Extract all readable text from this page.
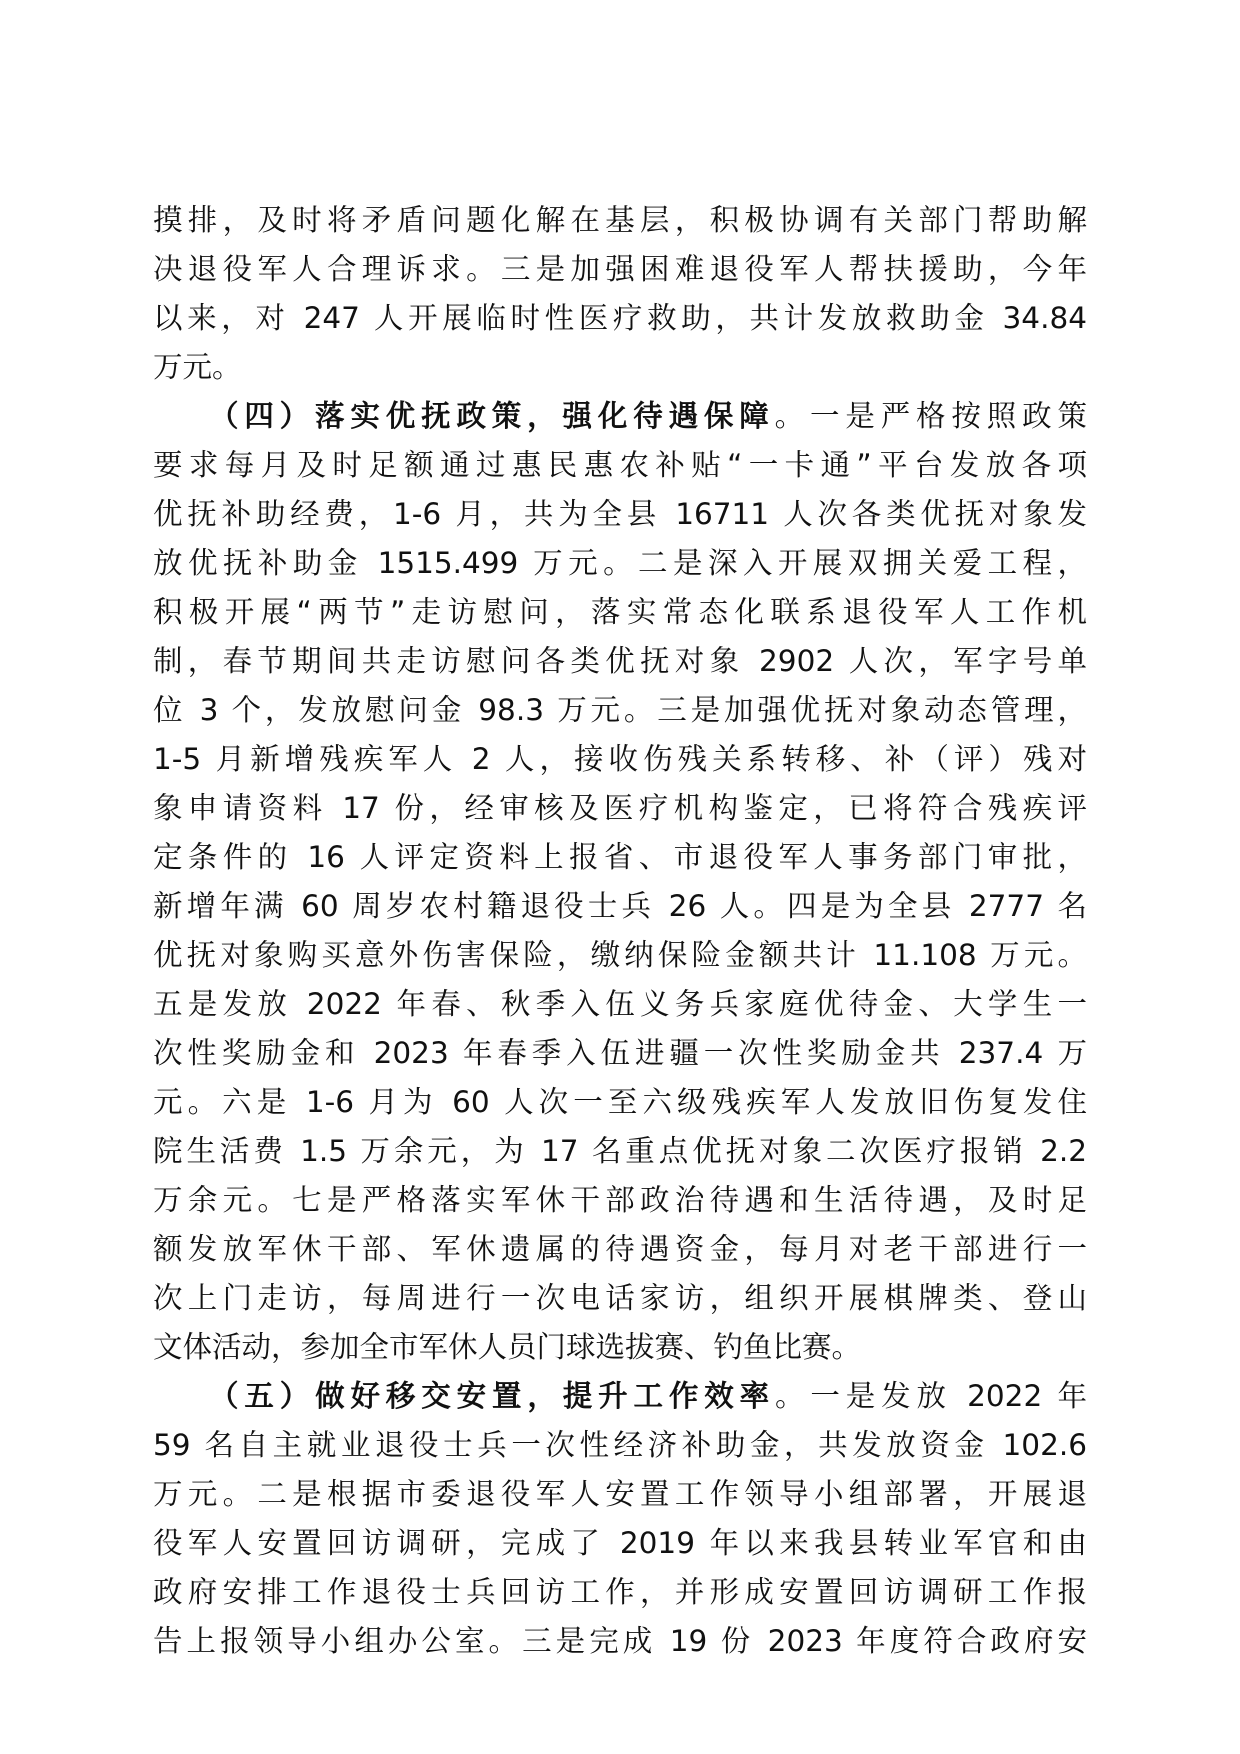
摸排，及时将矛盾问题化解在基层，积极协调有关部门帮助解
决退役军人合理诉求。三是加强困难退役军人帮扶援助，今年
以来，对 247 人开展临时性医疗救助，共计发放救助金 34.84
万元。
　　（四）落实优抚政策，强化待遇保障。一是严格按照政策
要求每月及时足额通过惠民惠农补贴“一卡通”平台发放各项
优抚补助经费，1-6 月，共为全县 16711 人次各类优抚对象发
放优抚补助金 1515.499 万元。二是深入开展双拥关爱工程，
积极开展“两节”走访慰问，落实常态化联系退役军人工作机
制，春节期间共走访慰问各类优抚对象 2902 人次，军字号单
位 3 个，发放慰问金 98.3 万元。三是加强优抚对象动态管理，
1-5 月新增残疾军人 2 人，接收伤残关系转移、补（评）残对
象申请资料 17 份，经审核及医疗机构鉴定，已将符合残疾评
定条件的 16 人评定资料上报省、市退役军人事务部门审批，
新增年满 60 周岁农村籍退役士兵 26 人。四是为全县 2777 名
优抚对象购买意外伤害保险，缴纳保险金额共计 11.108 万元。
五是发放 2022 年春、秋季入伍义务兵家庭优待金、大学生一
次性奖励金和 2023 年春季入伍进疆一次性奖励金共 237.4 万
元。六是 1-6 月为 60 人次一至六级残疾军人发放旧伤复发住
院生活费 1.5 万余元，为 17 名重点优抚对象二次医疗报销 2.2
万余元。七是严格落实军休干部政治待遇和生活待遇，及时足
额发放军休干部、军休遗属的待遇资金，每月对老干部进行一
次上门走访，每周进行一次电话家访，组织开展棋牌类、登山
文体活动，参加全市军休人员门球选拔赛、钓鱼比赛。
　　（五）做好移交安置，提升工作效率。一是发放 2022 年
59 名自主就业退役士兵一次性经济补助金，共发放资金 102.6
万元。二是根据市委退役军人安置工作领导小组部署，开展退
役军人安置回访调研，完成了 2019 年以来我县转业军官和由
政府安排工作退役士兵回访工作，并形成安置回访调研工作报
告上报领导小组办公室。三是完成 19 份 2023 年度符合政府安
